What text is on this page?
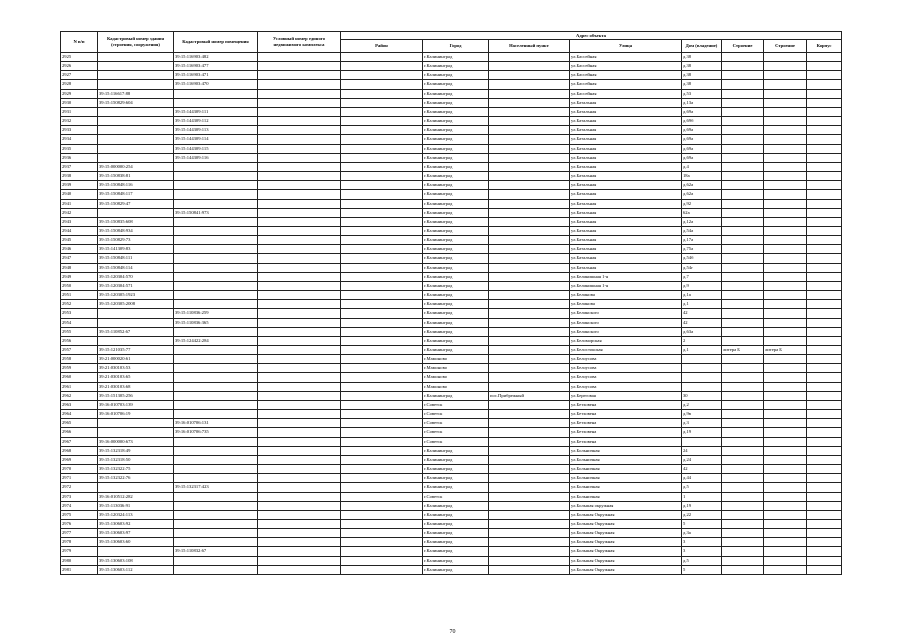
N п/п	Кадастровый номер здания (строения, сооружения)	Кадастровый номер помещения	Условный номер единого недвижимого комплекса	Адрес объекта							
				Район	Город	Населенный пункт	Улица	Дом (владение)	Строение	Строение	Корпус
2925		39:15:116903:482			г.Калининград		ул.Бассейная	д.38			
2926		39:15:116903:477			г.Калининград		ул.Бассейная	д.38			
2927		39:15:116903:471			г.Калининград		ул.Бассейная	д.38			
2928		39:15:116903:470			г.Калининград		ул.Бассейная	д.38			
2929	39:15:116617:88				г.Калининград		ул.Бассейная	д.53			
2930	39:15:150829:604				г.Калининград		ул.Батальная	д.13а			
2931		39:15:144309:111			г.Калининград		ул.Батальная	д.69а			
2932		39:15:144309:112			г.Калининград		ул.Батальная	д.69б			
2933		39:15:144309:113			г.Калининград		ул.Батальная	д.69а			
2934		39:15:144309:114			г.Калининград		ул.Батальная	д.69а			
2935		39:15:144309:115			г.Калининград		ул.Батальная	д.69а			
2936		39:15:144309:116			г.Калининград		ул.Батальная	д.69а			
2937	39:15:000000:254				г.Калининград		ул.Батальная	д.4			
2938	39:15:150838:81				г.Калининград		ул.Батальная	18а			
2939	39:15:150848:116				г.Калининград		ул.Батальная	д.62а			
2940	39:15:150848:117				г.Калининград		ул.Батальная	д.62а			
2941	39:15:150829:47				г.Калининград		ул.Батальная	д.92			
2942		39:15:150841:973			г.Калининград		ул.Батальная	62а			
2943	39:15:150835:608				г.Калининград		ул.Батальная	д.12а			
2944	39:15:150848:934				г.Калининград		ул.Батальная	д.54а			
2945	39:15:150829:73				г.Калининград		ул.Батальная	д.17а			
2946	39:15:141309:83				г.Калининград		ул.Батальная	д.75а			
2947	39:15:150848:111				г.Калининград		ул.Батальная	д.54б			
2948	39:15:150848:114				г.Калининград		ул.Батальная	д.54г			
2949	39:15:120304:570				г.Калининград		ул.Белинишная 1-я	д.7			
2950	39:15:120304:571				г.Калининград		ул.Белинишная 1-я	д.9			
2951	39:15:120305:1923				г.Калининград		ул.Белинова	д.1а			
2952	39:15:120305:2008				г.Калининград		ул.Белинова	д.1			
2953		39:15:110836:259			г.Калининград		ул.Белинского	42			
2954		39:15:110836:365			г.Калининград		ул.Белинского	42			
2955	39:15:110852:67				г.Калининград		ул.Белинского	д.63а			
2956		39:15:124422:284			г.Калининград		ул.Беломорская	2			
2957	39:15:121035:77				г.Калининград		ул.Белостокская	д.1	литера Б	литера Б	
2958	39:21:000020:61				г.Мамоново		ул.Белоусова				
2959	39:21:030103:53				г.Мамоново		ул.Белоусова				
2960	39:21:030103:65				г.Мамоново		ул.Белоусова				
2961	39:21:030103:68				г.Мамоново		ул.Белоусова				
2962	39:15:151305:256				г.Калининград	пос.Прибрежный	ул.Береговая	30			
2963	39:16:010703:139				г.Советск		ул.Бетховена	д.2			
2964	39:16:010706:19				г.Советск		ул.Бетховена	д.9в			
2965		39:16:010706:131			г.Советск		ул.Бетховена	д.3			
2966		39:16:010706:735			г.Советск		ул.Бетховена	д.19			
2967	39:16:000000:673				г.Советск		ул.Бетховена				
2968	39:15:132318:49				г.Калининград		ул.Больничная	24			
2969	39:15:132318:50				г.Калининград		ул.Больничная	д.24			
2970	39:15:132322:75				г.Калининград		ул.Больничная	42			
2971	39:15:132322:76				г.Калининград		ул.Больничная	д.44			
2972		39:15:132317:423			г.Калининград		ул.Больничная	д.5			
2973	39:16:010512:282				г.Советск		ул.Больничная	1			
2974	39:15:113036:91				г.Калининград		ул.Большая окружная	д.19			
2975	39:15:120324:113				г.Калининград		ул.Большая Окружная	д.22			
2976	39:15:130603:92				г.Калининград		ул.Большая Окружная	5			
2977	39:15:130603:97				г.Калининград		ул.Большая Окружная	д.3а			
2978	39:15:130603:60				г.Калининград		ул.Большая Окружная	3			
2979		39:15:110832:67			г.Калининград		ул.Большая Окружная	3			
2980	39:15:130603:108				г.Калининград		ул.Большая Окружная	д.5			
2981	39:15:130603:112				г.Калининград		ул.Большая Окружная	5			
70
